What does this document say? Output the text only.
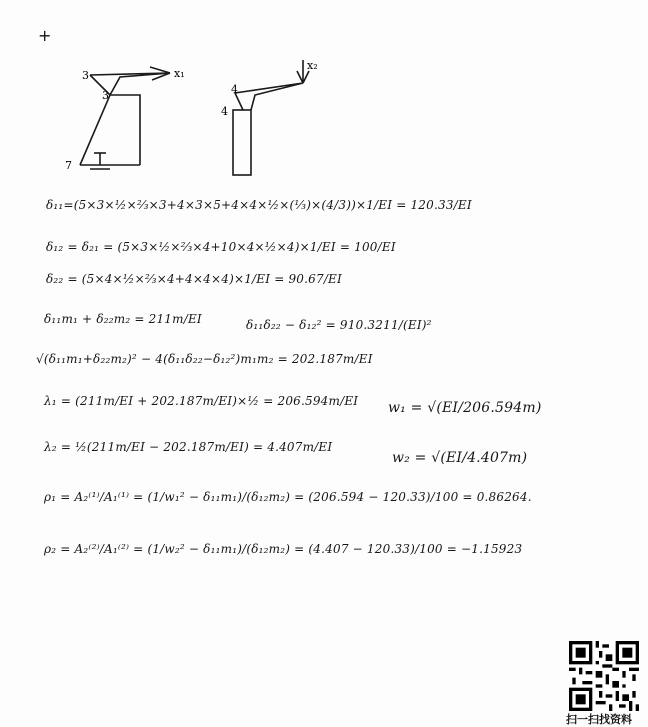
+
3
3
7
x₁
4
4
x₂
δ₁₁=(5×3×½×⅔×3+4×3×5+4×4×½×(⅓)×(4/3))×1/EI = 120.33/EI
δ₁₂ = δ₂₁ = (5×3×½×⅔×4+10×4×½×4)×1/EI = 100/EI
δ₂₂ = (5×4×½×⅔×4+4×4×4)×1/EI = 90.67/EI
δ₁₁m₁ + δ₂₂m₂ = 211m/EI	δ₁₁δ₂₂ − δ₁₂² = 910.3211/(EI)²
√(δ₁₁m₁+δ₂₂m₂)² − 4(δ₁₁δ₂₂−δ₁₂²)m₁m₂ = 202.187m/EI
λ₁ = (211m/EI + 202.187m/EI)×½ = 206.594m/EI w₁ = √(EI/206.594m)
λ₂ = ½(211m/EI − 202.187m/EI) = 4.407m/EI
w₂ = √(EI/4.407m)
ρ₁ = A₂⁽¹⁾/A₁⁽¹⁾ = (1/w₁² − δ₁₁m₁)/(δ₁₂m₂) = (206.594 − 120.33)/100 = 0.86264.
ρ₂ = A₂⁽²⁾/A₁⁽²⁾ = (1/w₂² − δ₁₁m₁)/(δ₁₂m₂) = (4.407 − 120.33)/100 = −1.15923
扫一扫找资料
